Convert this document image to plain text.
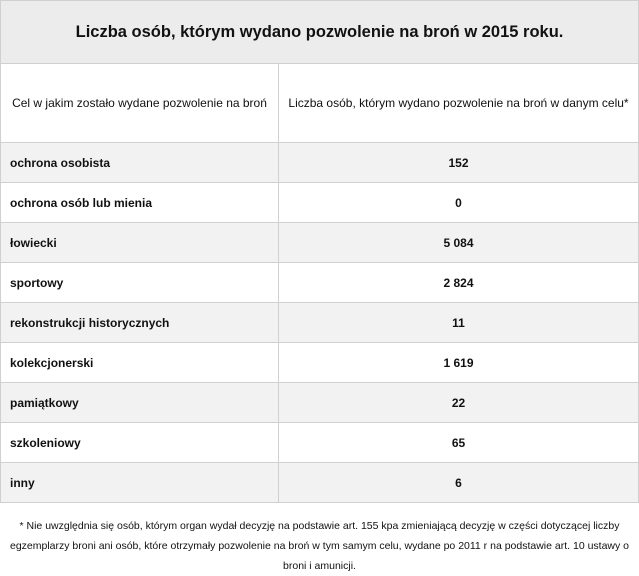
Liczba osób, którym wydano pozwolenie na broń w 2015 roku.	
Cel w jakim zostało wydane pozwolenie na broń	Liczba osób, którym wydano pozwolenie na broń w danym celu*
ochrona osobista	152
ochrona osób lub mienia	0
łowiecki	5 084
sportowy	2 824
rekonstrukcji historycznych	11
kolekcjonerski	1 619
pamiątkowy	22
szkoleniowy	65
inny	6
* Nie uwzględnia się osób, którym organ wydał decyzję na podstawie art. 155 kpa zmieniającą decyzję w części dotyczącej liczby egzemplarzy broni ani osób, które otrzymały pozwolenie na broń w tym samym celu, wydane po 2011 r na podstawie art. 10 ustawy o broni i amunicji.
